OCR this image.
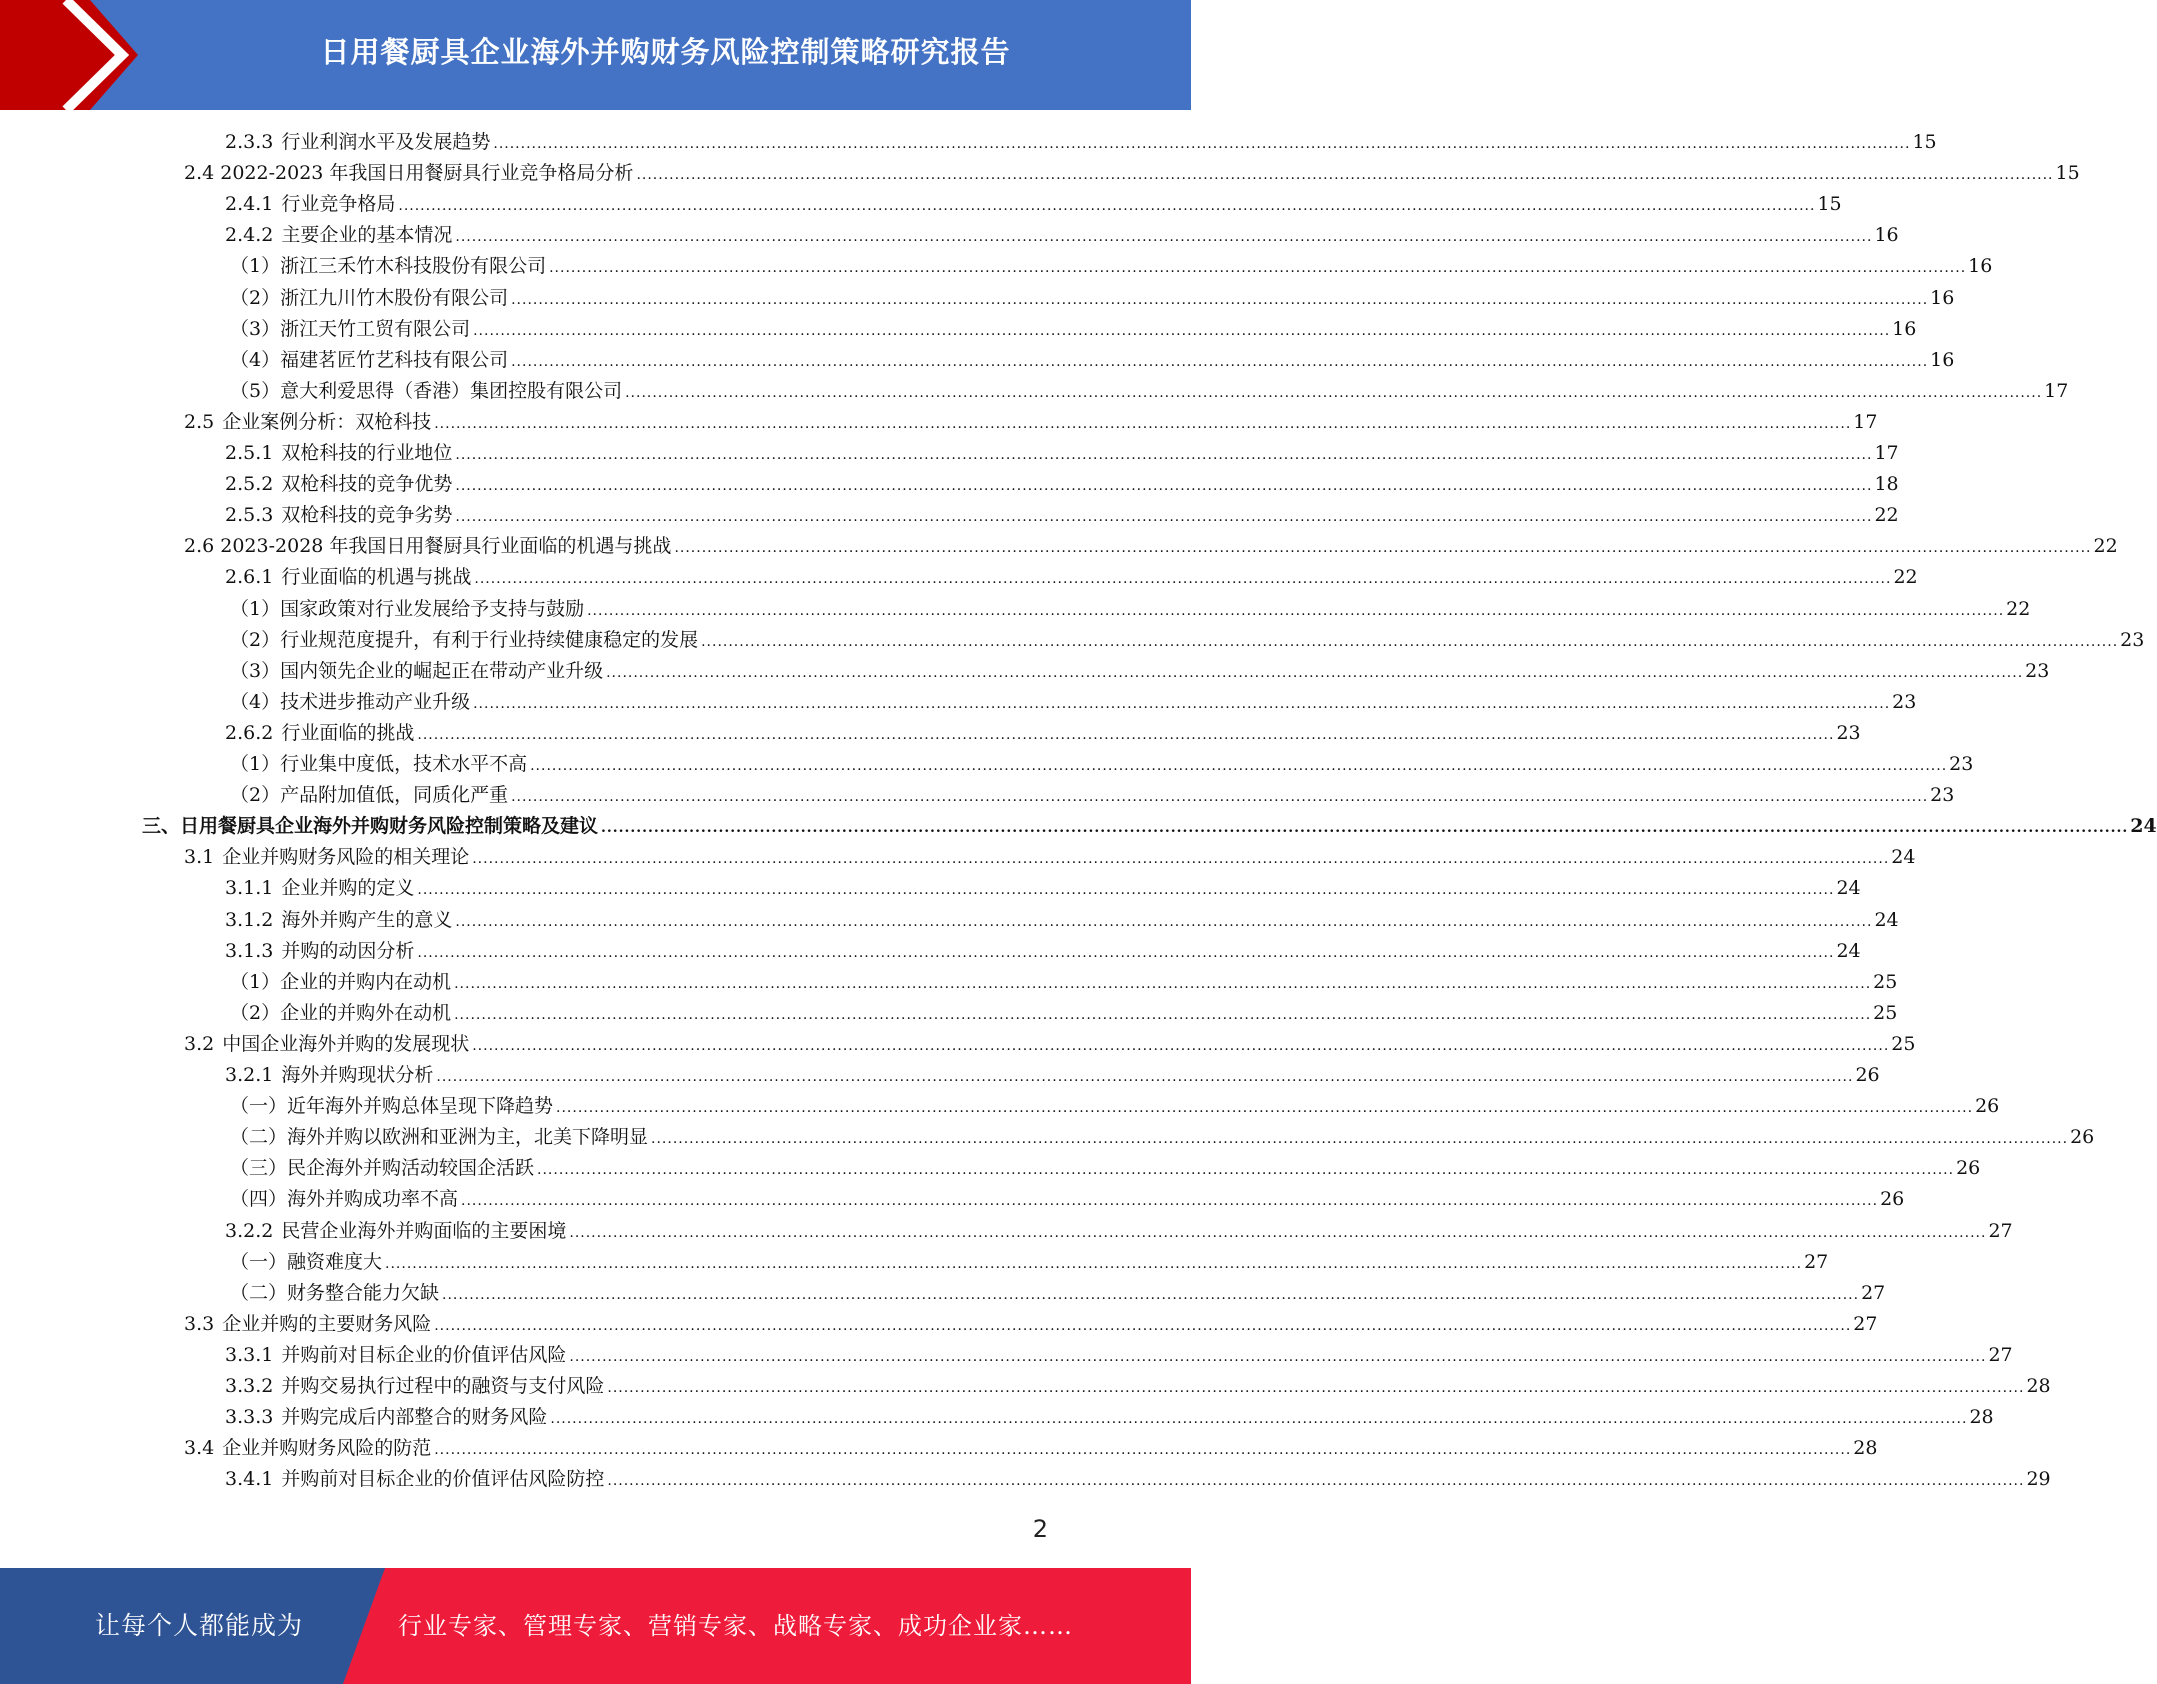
日用餐厨具企业海外并购财务风险控制策略研究报告
2.3.3 行业利润水平及发展趋势 .................................................................................................................................................................................................................................................................... 15
2.4 2022-2023 年我国日用餐厨具行业竞争格局分析 .................................................................................................................................................................................................................................................................... 15
2.4.1 行业竞争格局 .................................................................................................................................................................................................................................................................... 15
2.4.2 主要企业的基本情况 .................................................................................................................................................................................................................................................................... 16
（1）浙江三禾竹木科技股份有限公司 .................................................................................................................................................................................................................................................................... 16
（2）浙江九川竹木股份有限公司 .................................................................................................................................................................................................................................................................... 16
（3）浙江天竹工贸有限公司 .................................................................................................................................................................................................................................................................... 16
（4）福建茗匠竹艺科技有限公司 .................................................................................................................................................................................................................................................................... 16
（5）意大利爱思得（香港）集团控股有限公司 .................................................................................................................................................................................................................................................................... 17
2.5 企业案例分析：双枪科技 .................................................................................................................................................................................................................................................................... 17
2.5.1 双枪科技的行业地位 .................................................................................................................................................................................................................................................................... 17
2.5.2 双枪科技的竞争优势 .................................................................................................................................................................................................................................................................... 18
2.5.3 双枪科技的竞争劣势 .................................................................................................................................................................................................................................................................... 22
2.6 2023-2028 年我国日用餐厨具行业面临的机遇与挑战 .................................................................................................................................................................................................................................................................... 22
2.6.1 行业面临的机遇与挑战 .................................................................................................................................................................................................................................................................... 22
（1）国家政策对行业发展给予支持与鼓励 .................................................................................................................................................................................................................................................................... 22
（2）行业规范度提升，有利于行业持续健康稳定的发展 .................................................................................................................................................................................................................................................................... 23
（3）国内领先企业的崛起正在带动产业升级 .................................................................................................................................................................................................................................................................... 23
（4）技术进步推动产业升级 .................................................................................................................................................................................................................................................................... 23
2.6.2 行业面临的挑战 .................................................................................................................................................................................................................................................................... 23
（1）行业集中度低，技术水平不高 .................................................................................................................................................................................................................................................................... 23
（2）产品附加值低，同质化严重 .................................................................................................................................................................................................................................................................... 23
三、日用餐厨具企业海外并购财务风险控制策略及建议 .................................................................................................................................................................................................................................................................... 24
3.1 企业并购财务风险的相关理论 .................................................................................................................................................................................................................................................................... 24
3.1.1 企业并购的定义 .................................................................................................................................................................................................................................................................... 24
3.1.2 海外并购产生的意义 .................................................................................................................................................................................................................................................................... 24
3.1.3 并购的动因分析 .................................................................................................................................................................................................................................................................... 24
（1）企业的并购内在动机 .................................................................................................................................................................................................................................................................... 25
（2）企业的并购外在动机 .................................................................................................................................................................................................................................................................... 25
3.2 中国企业海外并购的发展现状 .................................................................................................................................................................................................................................................................... 25
3.2.1 海外并购现状分析 .................................................................................................................................................................................................................................................................... 26
（一）近年海外并购总体呈现下降趋势 .................................................................................................................................................................................................................................................................... 26
（二）海外并购以欧洲和亚洲为主，北美下降明显 .................................................................................................................................................................................................................................................................... 26
（三）民企海外并购活动较国企活跃 .................................................................................................................................................................................................................................................................... 26
（四）海外并购成功率不高 .................................................................................................................................................................................................................................................................... 26
3.2.2 民营企业海外并购面临的主要困境 .................................................................................................................................................................................................................................................................... 27
（一）融资难度大 .................................................................................................................................................................................................................................................................... 27
（二）财务整合能力欠缺 .................................................................................................................................................................................................................................................................... 27
3.3 企业并购的主要财务风险 .................................................................................................................................................................................................................................................................... 27
3.3.1 并购前对目标企业的价值评估风险 .................................................................................................................................................................................................................................................................... 27
3.3.2 并购交易执行过程中的融资与支付风险 .................................................................................................................................................................................................................................................................... 28
3.3.3 并购完成后内部整合的财务风险 .................................................................................................................................................................................................................................................................... 28
3.4 企业并购财务风险的防范 .................................................................................................................................................................................................................................................................... 28
3.4.1 并购前对目标企业的价值评估风险防控 .................................................................................................................................................................................................................................................................... 29
2
让每个人都能成为	行业专家、管理专家、营销专家、战略专家、成功企业家……
